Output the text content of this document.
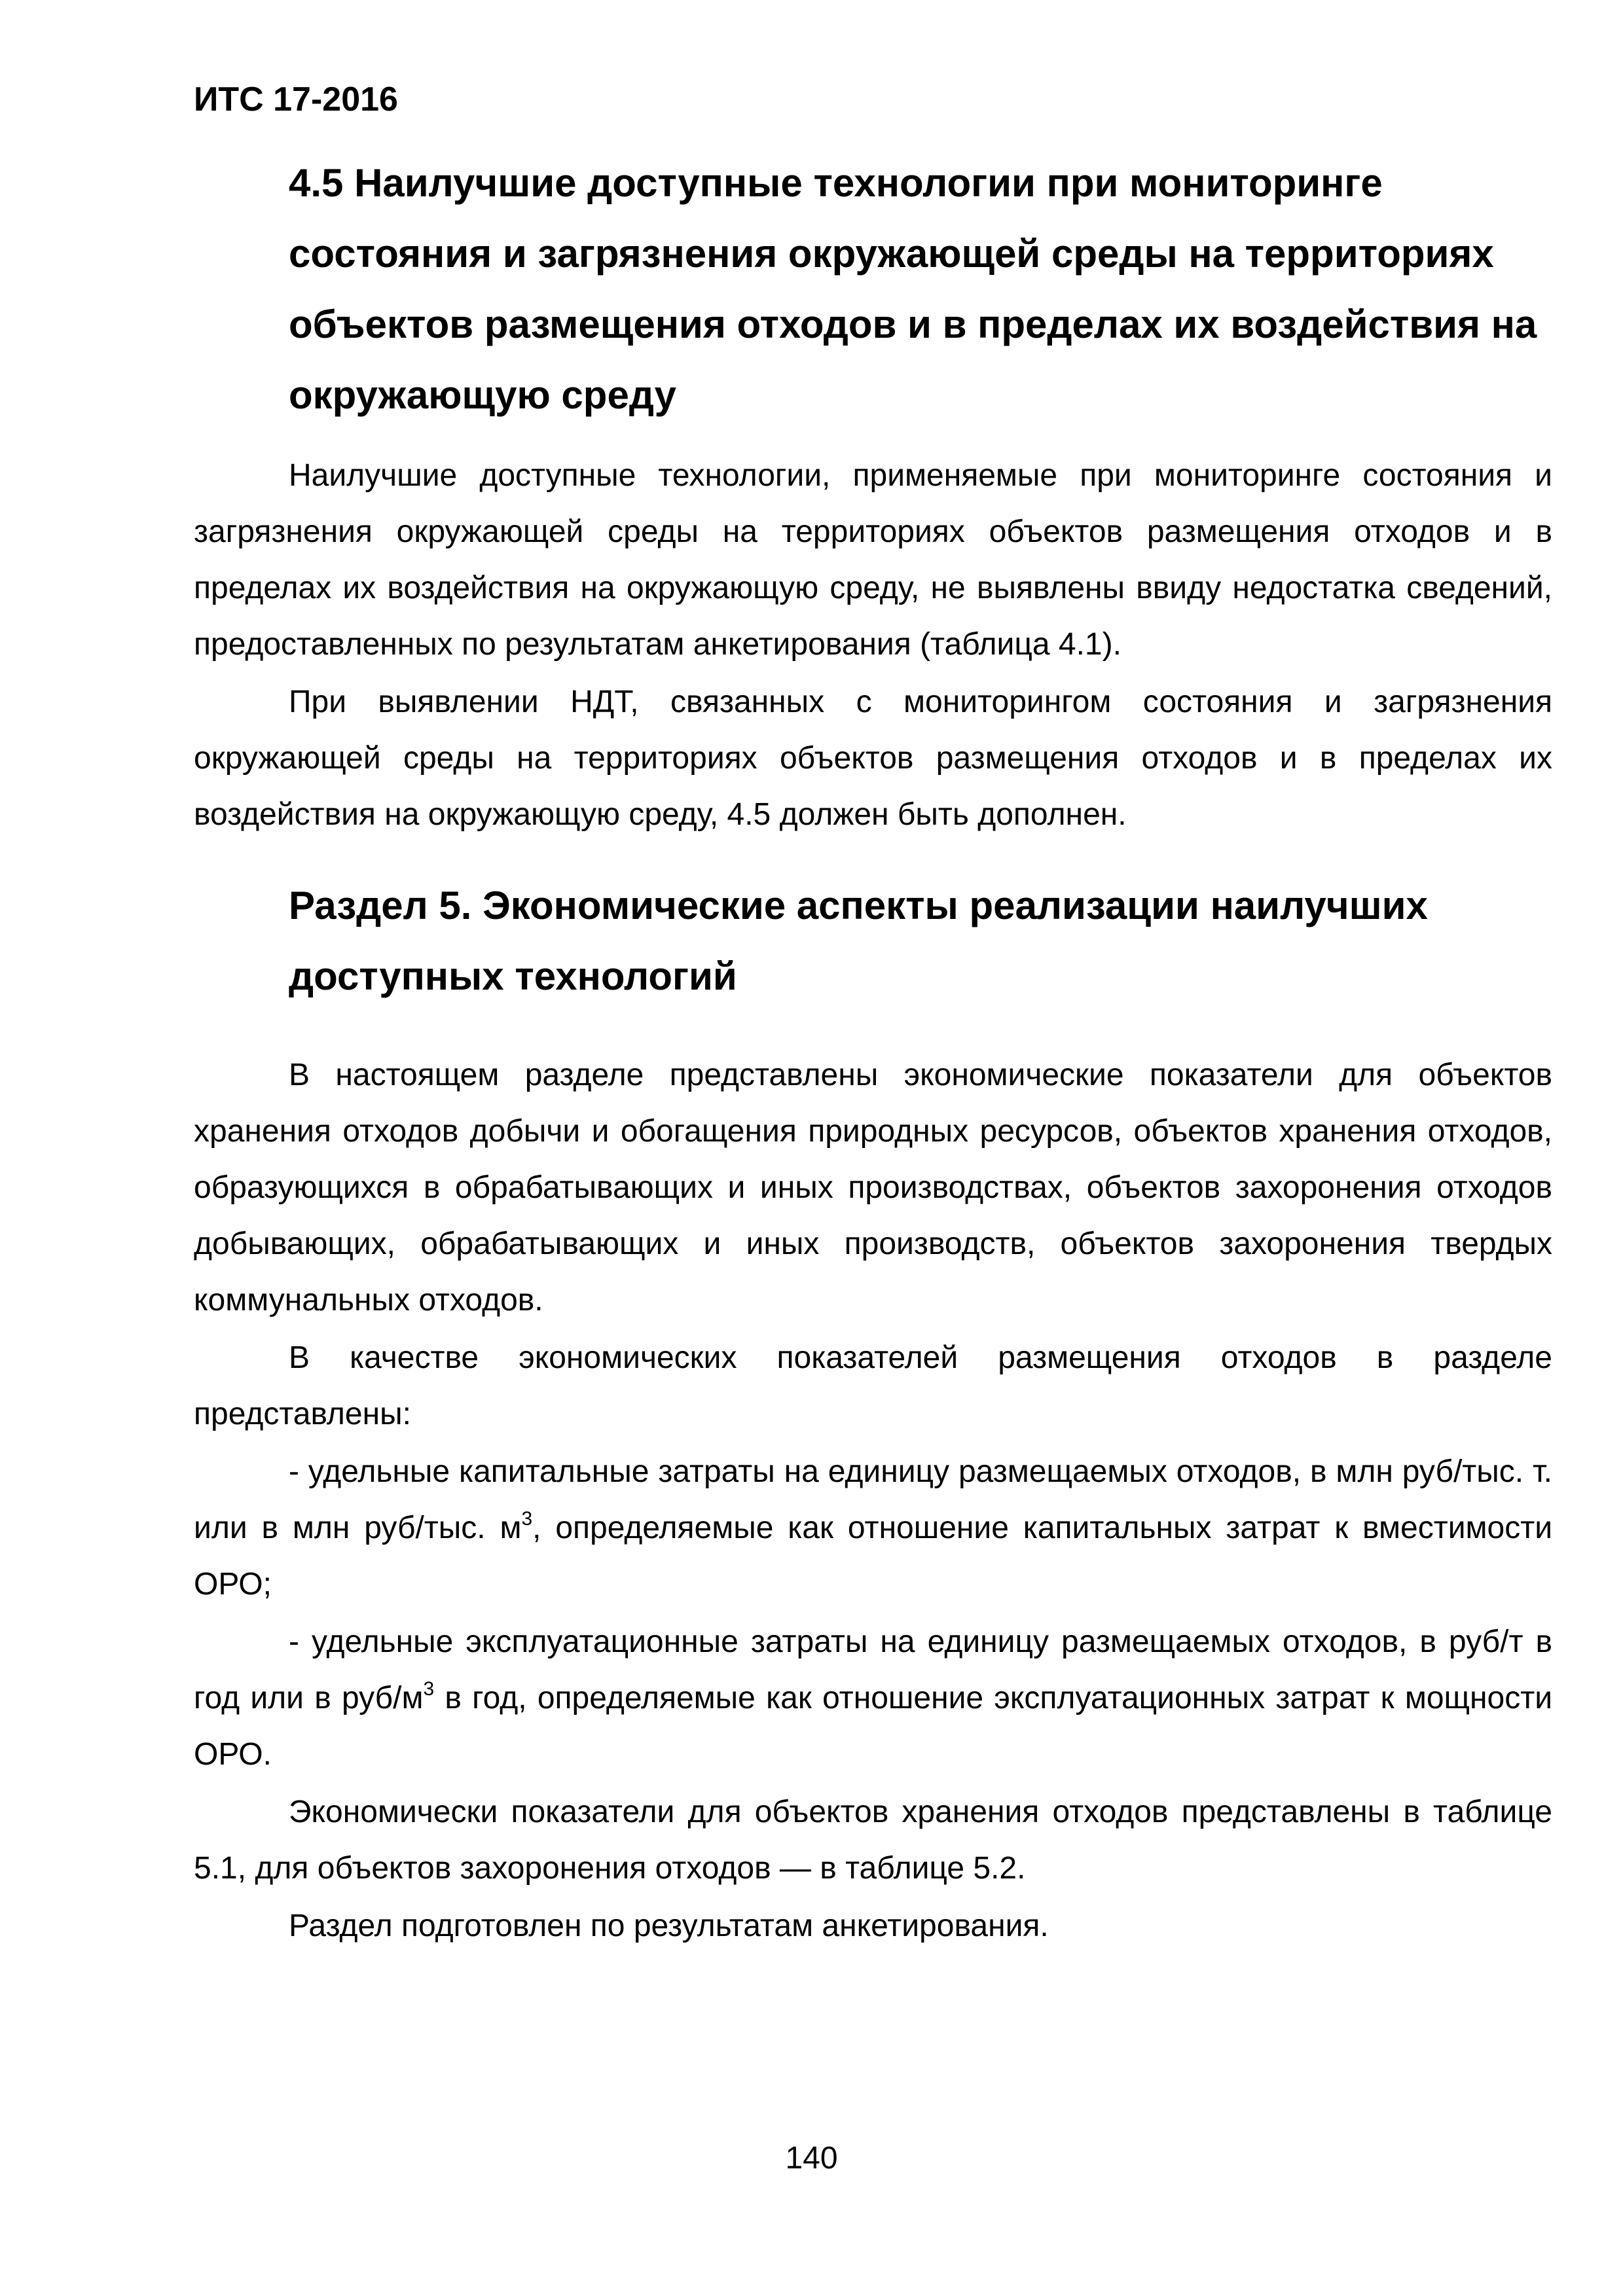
ИТС 17-2016
4.5 Наилучшие доступные технологии при мониторинге состояния и загрязнения окружающей среды на территориях объектов размещения отходов и в пределах их воздействия на окружающую среду

Наилучшие доступные технологии, применяемые при мониторинге состояния и загрязнения окружающей среды на территориях объектов размещения отходов и в пределах их воздействия на окружающую среду, не выявлены ввиду недостатка сведений, предоставленных по результатам анкетирования (таблица 4.1).

При выявлении НДТ, связанных с мониторингом состояния и загрязнения окружающей среды на территориях объектов размещения отходов и в пределах их воздействия на окружающую среду, 4.5 должен быть дополнен.

Раздел 5. Экономические аспекты реализации наилучших доступных технологий

В настоящем разделе представлены экономические показатели для объектов хранения отходов добычи и обогащения природных ресурсов, объектов хранения отходов, образующихся в обрабатывающих и иных производствах, объектов захоронения отходов добывающих, обрабатывающих и иных производств, объектов захоронения твердых коммунальных отходов.

В качестве экономических показателей размещения отходов в разделе представлены:

- удельные капитальные затраты на единицу размещаемых отходов, в млн руб/тыс. т. или в млн руб/тыс. $м^3$, определяемые как отношение капитальных затрат к вместимости ОРО;

- удельные эксплуатационные затраты на единицу размещаемых отходов, в руб/т в год или в руб/$м^3$ в год, определяемые как отношение эксплуатационных затрат к мощности ОРО.

Экономически показатели для объектов хранения отходов представлены в таблице 5.1, для объектов захоронения отходов — в таблице 5.2.

Раздел подготовлен по результатам анкетирования.

140
